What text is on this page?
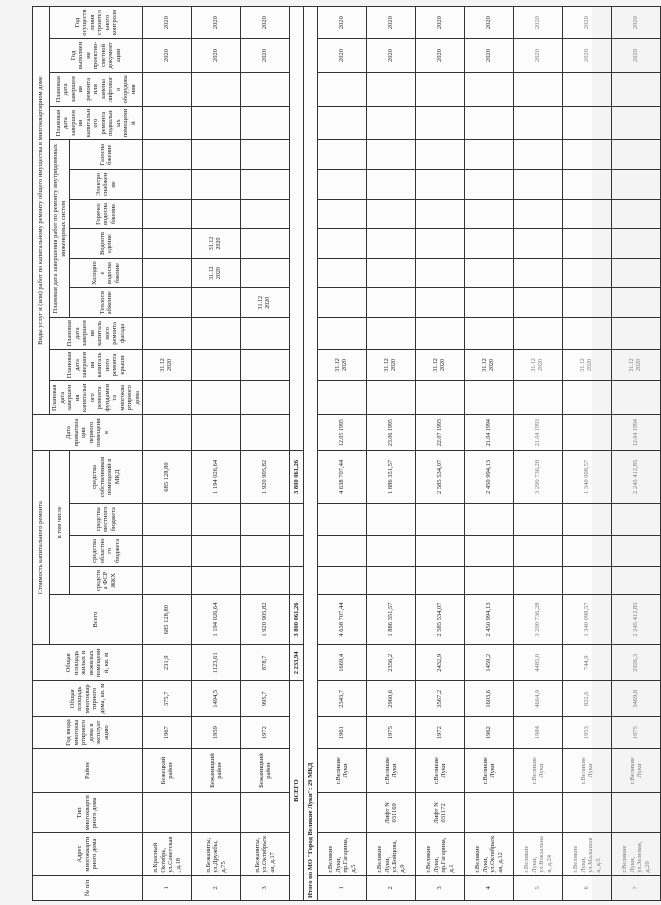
№ п/п	Адрес многоквартирного дома	Тип многоквартирного дома	Район	Год ввода многоквартирного дома в эксплуатацию	Общая площадь многоквартирного дома, кв. м	Общая площадь жилых и нежилых помещений, кв. м	Стоимость капитального ремонта					Дата приватизации первого помещения	Виды услуг и (или) работ по капитальному ремонту общего имущества в многоквартирном доме												
							Всего	в том числе					Плановая дата завершения капитального ремонта фундамента многоквартирного дома	Плановая дата завершения капитального ремонта крыши	Плановая дата завершения капитального ремонта фасада	Плановая дата завершения работ по ремонту внутридомовых инженерных систем						Плановая дата завершения капитального ремонта подвальных помещений	Плановая дата завершения ремонта или замены лифтового оборудования	Год выполнения проектно-сметной документации	Год осуществления строительного контроля
								средства ФСР ЖКХ	средства областного бюджета	средства местного бюджета	средства собственников помещений в МКД					Теплоснабжение	Холодное водоснабжение	Водоотведение	Горячее водоснабжение	Электроснабжение	Газоснабжение				
1	п.Красный Октябрь, ул.Советская, д.18		Бежецкий район	1967	375,7	231,9	685 128,80				685 128,80			31.12 2020										2020	2020
2	п.Бежаниты, ул.Дружбы, д.75		Бежаницкий район	1959	1494,5	1123,61	1 194 026,64				1 194 026,64						31.12 2020	31.12 2020						2020	2020
3	п.Бежаниты, ул.Октябрьская, д.17		Бежаницкий район	1972	995,7	878,7	1 920 905,82				1 920 905,82					31.12 2020								2020	2020
ВСЕГО						2 233,94	3 800 061,26				3 800 061,26														
Итого по МО "Город Великие Луки": 29 МКД																									
1	г.Великие Луки, пр.Гагарина, д.5		г.Великие Луки	1961	2343,7	1669,4	4 638 707,44				4 638 707,44	12.05 1995		31.12 2020										2020	2020
2	г.Великие Луки, ул.Бойцова, д.9	Лифт N 031169	г.Великие Луки	1975	2960,6	2356,2	1 886 351,57				1 886 351,57	23.06 1995		31.12 2020										2020	2020
3	г.Великие Луки, пр.Гагарина, д.1	Лифт N 031172	г.Великие Луки	1972	3567,2	2432,9	2 585 534,07				2 585 534,07	22.07 1993		31.12 2020										2020	2020
4	г.Великие Луки, ул.Октябрьская, д.12		г.Великие Луки	1962	1603,6	1459,2	2 450 994,13				2 450 994,13	21.04 1994		31.12 2020										2020	2020
5	г.Великие Луки, ул.Вокзальная, д.24		г.Великие Луки	1984	4664,9	4485,0	3 290 736,28				3 290 736,28	21.04 1993		31.12 2020										2020	2020
6	г.Великие Луки, ул.Малышева, д.5		г.Великие Луки	1953	822,6	744,9	1 340 098,57				1 340 098,57			31.12 2020										2020	2020
7	г.Великие Луки, ул.Зеленая, д.20		г.Великие Луки	1975	3469,8	2926,3	2 245 412,85				2 245 412,85	12.04 1994		31.12 2020										2020	2020
